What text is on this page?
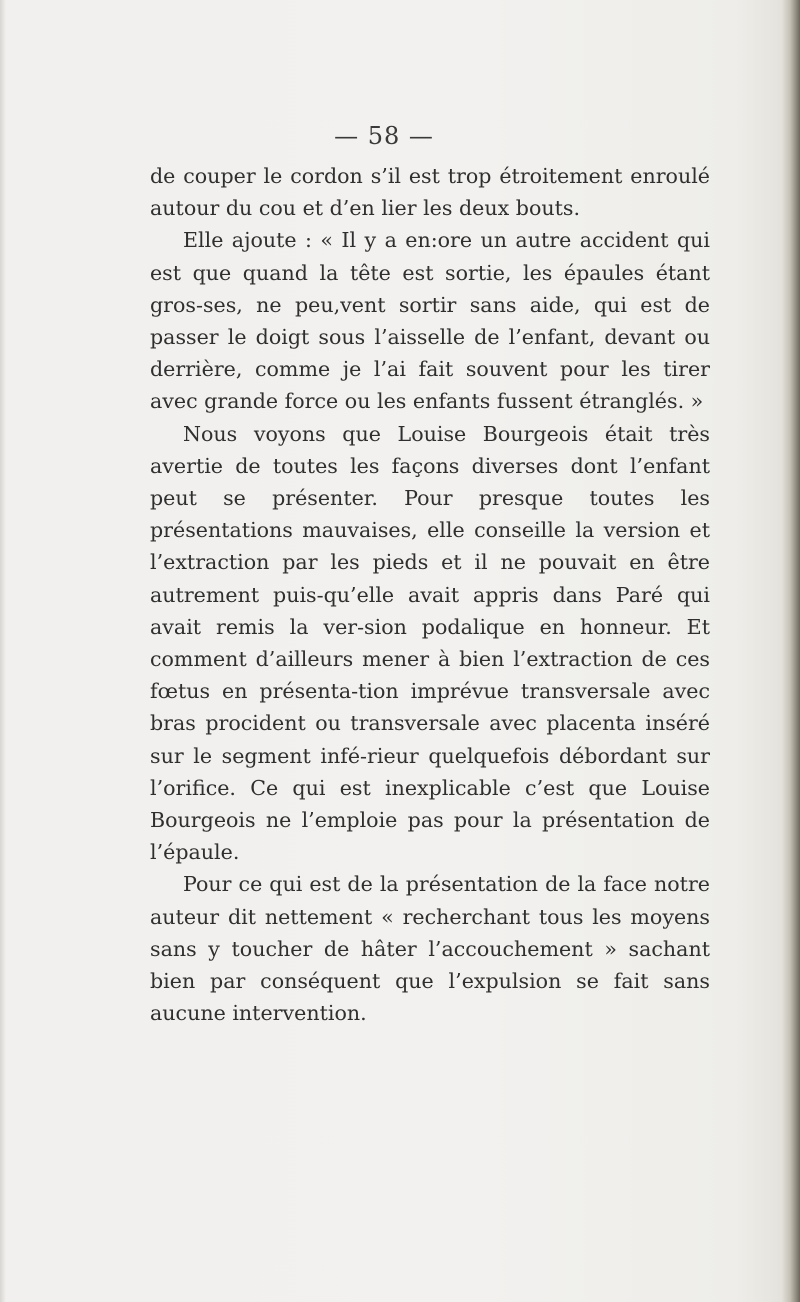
— 58 —

de couper le cordon s’il est trop étroitement enroulé autour du cou et d’en lier les deux bouts.

Elle ajoute : « Il y a en:ore un autre accident qui est que quand la tête est sortie, les épaules étant gros-ses, ne peu,vent sortir sans aide, qui est de passer le doigt sous l’aisselle de l’enfant, devant ou derrière, comme je l’ai fait souvent pour les tirer avec grande force ou les enfants fussent étranglés. »

Nous voyons que Louise Bourgeois était très avertie de toutes les façons diverses dont l’enfant peut se présenter. Pour presque toutes les présentations mauvaises, elle conseille la version et l’extraction par les pieds et il ne pouvait en être autrement puis-qu’elle avait appris dans Paré qui avait remis la ver-sion podalique en honneur. Et comment d’ailleurs mener à bien l’extraction de ces fœtus en présenta-tion imprévue transversale avec bras procident ou transversale avec placenta inséré sur le segment infé-rieur quelquefois débordant sur l’orifice. Ce qui est inexplicable c’est que Louise Bourgeois ne l’emploie pas pour la présentation de l’épaule.

Pour ce qui est de la présentation de la face notre auteur dit nettement « recherchant tous les moyens sans y toucher de hâter l’accouchement » sachant bien par conséquent que l’expulsion se fait sans aucune intervention.
